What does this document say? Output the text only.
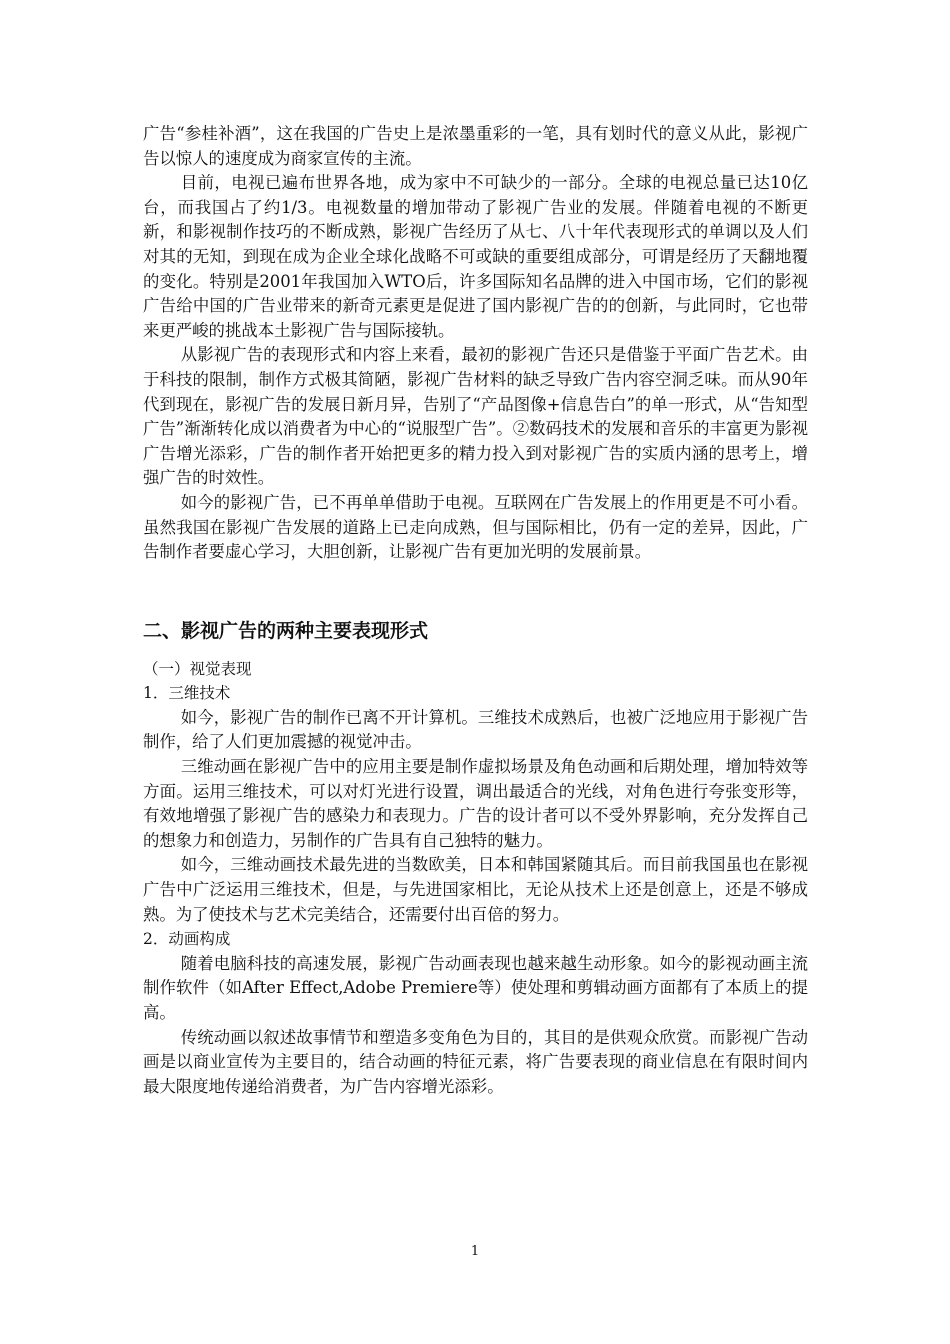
广告“参桂补酒”，这在我国的广告史上是浓墨重彩的一笔，具有划时代的意义从此，影视广告以惊人的速度成为商家宣传的主流。

目前，电视已遍布世界各地，成为家中不可缺少的一部分。全球的电视总量已达10亿台，而我国占了约1/3。电视数量的增加带动了影视广告业的发展。伴随着电视的不断更新，和影视制作技巧的不断成熟，影视广告经历了从七、八十年代表现形式的单调以及人们对其的无知，到现在成为企业全球化战略不可或缺的重要组成部分，可谓是经历了天翻地覆的变化。特别是2001年我国加入WTO后，许多国际知名品牌的进入中国市场，它们的影视广告给中国的广告业带来的新奇元素更是促进了国内影视广告的的创新，与此同时，它也带来更严峻的挑战本土影视广告与国际接轨。

从影视广告的表现形式和内容上来看，最初的影视广告还只是借鉴于平面广告艺术。由于科技的限制，制作方式极其简陋，影视广告材料的缺乏导致广告内容空洞乏味。而从90年代到现在，影视广告的发展日新月异，告别了“产品图像+信息告白”的单一形式，从“告知型广告”渐渐转化成以消费者为中心的“说服型广告”。②数码技术的发展和音乐的丰富更为影视广告增光添彩，广告的制作者开始把更多的精力投入到对影视广告的实质内涵的思考上，增强广告的时效性。

如今的影视广告，已不再单单借助于电视。互联网在广告发展上的作用更是不可小看。虽然我国在影视广告发展的道路上已走向成熟，但与国际相比，仍有一定的差异，因此，广告制作者要虚心学习，大胆创新，让影视广告有更加光明的发展前景。

二、影视广告的两种主要表现形式

（一）视觉表现

1．三维技术

如今，影视广告的制作已离不开计算机。三维技术成熟后，也被广泛地应用于影视广告制作，给了人们更加震撼的视觉冲击。

三维动画在影视广告中的应用主要是制作虚拟场景及角色动画和后期处理，增加特效等方面。运用三维技术，可以对灯光进行设置，调出最适合的光线，对角色进行夸张变形等，有效地增强了影视广告的感染力和表现力。广告的设计者可以不受外界影响，充分发挥自己的想象力和创造力，另制作的广告具有自己独特的魅力。

如今，三维动画技术最先进的当数欧美，日本和韩国紧随其后。而目前我国虽也在影视广告中广泛运用三维技术，但是，与先进国家相比，无论从技术上还是创意上，还是不够成熟。为了使技术与艺术完美结合，还需要付出百倍的努力。

2．动画构成

随着电脑科技的高速发展，影视广告动画表现也越来越生动形象。如今的影视动画主流制作软件（如After Effect,Adobe Premiere等）使处理和剪辑动画方面都有了本质上的提高。

传统动画以叙述故事情节和塑造多变角色为目的，其目的是供观众欣赏。而影视广告动画是以商业宣传为主要目的，结合动画的特征元素，将广告要表现的商业信息在有限时间内最大限度地传递给消费者，为广告内容增光添彩。

1
